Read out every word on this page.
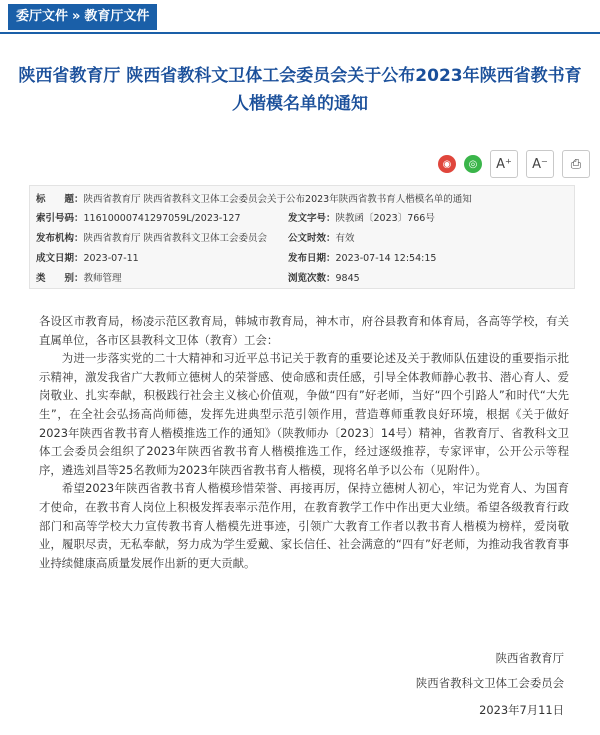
委厅文件 » 教育厅文件
陕西省教育厅 陕西省教科文卫体工会委员会关于公布2023年陕西省教书育人楷模名单的通知
◉	◎	A⁺	A⁻	⎙
标　　题：陕西省教育厅 陕西省教科文卫体工会委员会关于公布2023年陕西省教书育人楷模名单的通知
索引号码：11610000741297059L/2023-127	发文字号：陕教函〔2023〕766号
发布机构：陕西省教育厅 陕西省教科文卫体工会委员会 公文时效：有效
成文日期：2023-07-11	发布日期：2023-07-14 12:54:15
类　　别：教师管理	浏览次数：9845

各设区市教育局，杨凌示范区教育局，韩城市教育局，神木市，府谷县教育和体育局，各高等学校，有关直属单位，各市区县教科文卫体（教育）工会：

为进一步落实党的二十大精神和习近平总书记关于教育的重要论述及关于教师队伍建设的重要指示批示精神，激发我省广大教师立德树人的荣誉感、使命感和责任感，引导全体教师静心教书、潜心育人、爱岗敬业、扎实奉献，积极践行社会主义核心价值观，争做“四有”好老师，当好“四个引路人”和时代“大先生”，在全社会弘扬高尚师德，发挥先进典型示范引领作用，营造尊师重教良好环境，根据《关于做好2023年陕西省教书育人楷模推选工作的通知》（陕教师办〔2023〕14号）精神，省教育厅、省教科文卫体工会委员会组织了2023年陕西省教书育人楷模推选工作，经过逐级推荐，专家评审，公开公示等程序，遴选刘昌等25名教师为2023年陕西省教书育人楷模，现将名单予以公布（见附件）。

希望2023年陕西省教书育人楷模珍惜荣誉、再接再厉，保持立德树人初心，牢记为党育人、为国育才使命，在教书育人岗位上积极发挥表率示范作用，在教育教学工作中作出更大业绩。希望各级教育行政部门和高等学校大力宣传教书育人楷模先进事迹，引领广大教育工作者以教书育人楷模为榜样，爱岗敬业，履职尽责，无私奉献，努力成为学生爱戴、家长信任、社会满意的“四有”好老师，为推动我省教育事业持续健康高质量发展作出新的更大贡献。

陕西省教育厅
陕西省教科文卫体工会委员会
2023年7月11日
